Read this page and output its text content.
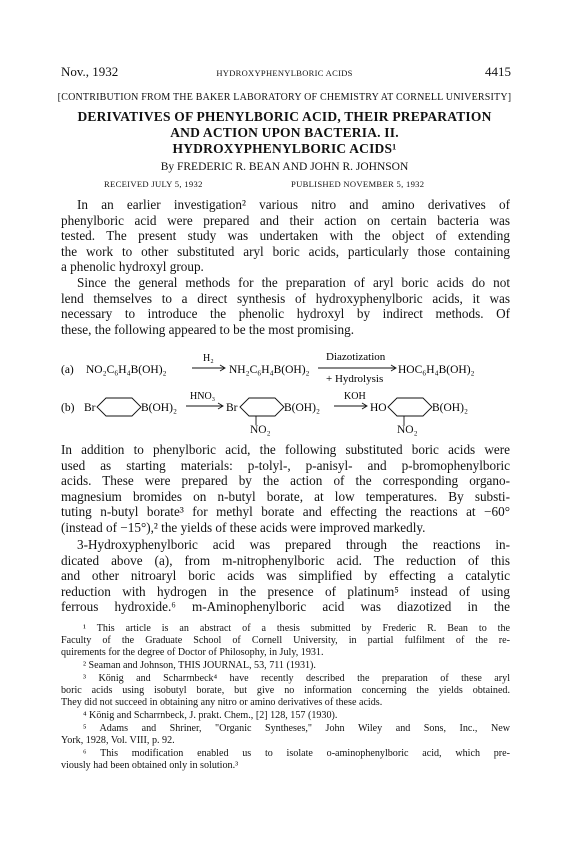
Nov., 1932	HYDROXYPHENYLBORIC ACIDS	4415
[CONTRIBUTION FROM THE BAKER LABORATORY OF CHEMISTRY AT CORNELL UNIVERSITY]
DERIVATIVES OF PHENYLBORIC ACID, THEIR PREPARATION
AND ACTION UPON BACTERIA. II.
HYDROXYPHENYLBORIC ACIDS¹
By FREDERIC R. BEAN AND JOHN R. JOHNSON
RECEIVED JULY 5, 1932	PUBLISHED NOVEMBER 5, 1932
In an earlier investigation² various nitro and amino derivatives of
phenylboric acid were prepared and their action on certain bacteria was
tested. The present study was undertaken with the object of extending
the work to other substituted aryl boric acids, particularly those containing
a phenolic hydroxyl group.
Since the general methods for the preparation of aryl boric acids do not
lend themselves to a direct synthesis of hydroxyphenylboric acids, it was
necessary to introduce the phenolic hydroxyl by indirect methods. Of
these, the following appeared to be the most promising.
(a) NO₂C₆H₄B(OH)₂
H₂
NH₂C₆H₄B(OH)₂
Diazotization
+ Hydrolysis
HOC₆H₄B(OH)₂
(b) Br	B(OH)₂
HNO₃
Br	B(OH)₂
KOH
HO	B(OH)₂
NO₂	NO₂
In addition to phenylboric acid, the following substituted boric acids were
used as starting materials: p-tolyl-, p-anisyl- and p-bromophenylboric
acids. These were prepared by the action of the corresponding organo-
magnesium bromides on n-butyl borate, at low temperatures. By substi-
tuting n-butyl borate³ for methyl borate and effecting the reactions at −60°
(instead of −15°),² the yields of these acids were improved markedly.
3-Hydroxyphenylboric acid was prepared through the reactions in-
dicated above (a), from m-nitrophenylboric acid. The reduction of this
and other nitroaryl boric acids was simplified by effecting a catalytic
reduction with hydrogen in the presence of platinum⁵ instead of using
ferrous hydroxide.⁶ m-Aminophenylboric acid was diazotized in the
¹ This article is an abstract of a thesis submitted by Frederic R. Bean to the
Faculty of the Graduate School of Cornell University, in partial fulfilment of the re-
quirements for the degree of Doctor of Philosophy, in July, 1931.
² Seaman and Johnson, THIS JOURNAL, 53, 711 (1931).
³ König and Scharrnbeck⁴ have recently described the preparation of these aryl
boric acids using isobutyl borate, but give no information concerning the yields obtained.
They did not succeed in obtaining any nitro or amino derivatives of these acids.
⁴ König and Scharrnbeck, J. prakt. Chem., [2] 128, 157 (1930).
⁵ Adams and Shriner, "Organic Syntheses," John Wiley and Sons, Inc., New
York, 1928, Vol. VIII, p. 92.
⁶ This modification enabled us to isolate o-aminophenylboric acid, which pre-
viously had been obtained only in solution.³
